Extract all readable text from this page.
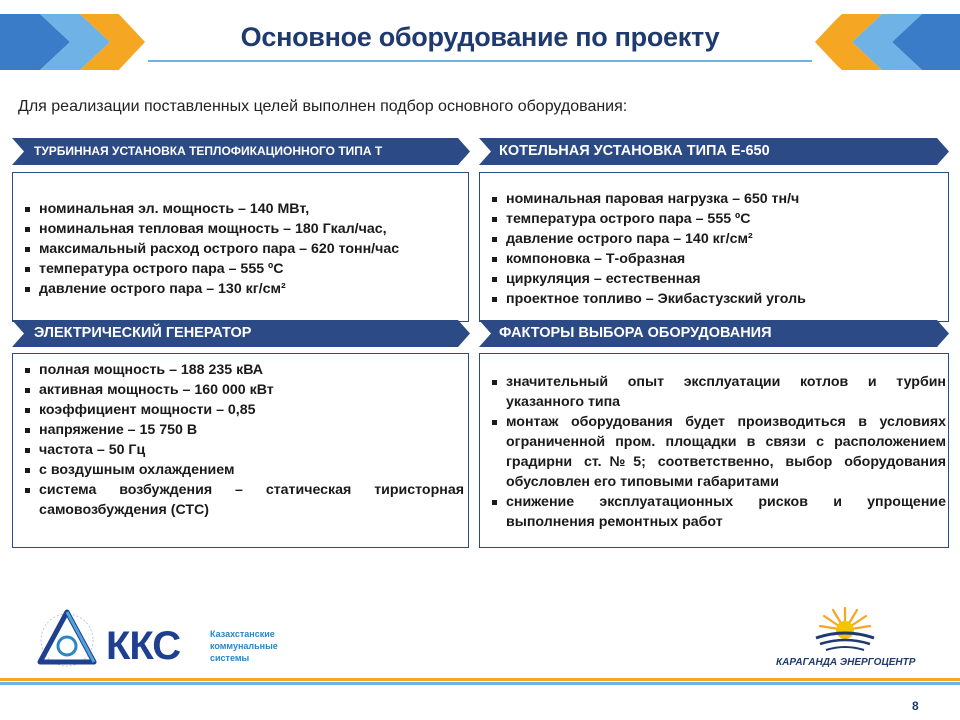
Основное оборудование по проекту
Для реализации поставленных целей выполнен подбор основного оборудования:
ТУРБИННАЯ УСТАНОВКА ТЕПЛОФИКАЦИОННОГО ТИПА Т	КОТЕЛЬНАЯ УСТАНОВКА ТИПА Е-650
номинальная эл. мощность – 140 МВт,
номинальная тепловая мощность – 180 Гкал/час,
максимальный расход острого пара – 620 тонн/час
температура острого пара – 555 ºС
давление острого пара – 130 кг/см²
номинальная паровая нагрузка – 650 тн/ч
температура острого пара – 555 ºС
давление острого пара – 140 кг/см²
компоновка – Т-образная
циркуляция – естественная
проектное топливо – Экибастузский уголь
ЭЛЕКТРИЧЕСКИЙ ГЕНЕРАТОР	ФАКТОРЫ ВЫБОРА ОБОРУДОВАНИЯ
полная мощность – 188 235 кВА
активная мощность – 160 000 кВт
коэффициент мощности – 0,85
напряжение – 15 750 В
частота – 50 Гц
с воздушным охлаждением
система возбуждения – статическая тиристорная самовозбуждения (СТС)
значительный опыт эксплуатации котлов и турбин указанного типа
монтаж оборудования будет производиться в условиях ограниченной пром. площадки в связи с расположением градирни ст.№5; соответственно, выбор оборудования обусловлен его типовыми габаритами
снижение эксплуатационных рисков и упрощение выполнения ремонтных работ
ККС	Казахстанские
коммунальные
системы	КАРАГАНДА ЭНЕРГОЦЕНТР
8
